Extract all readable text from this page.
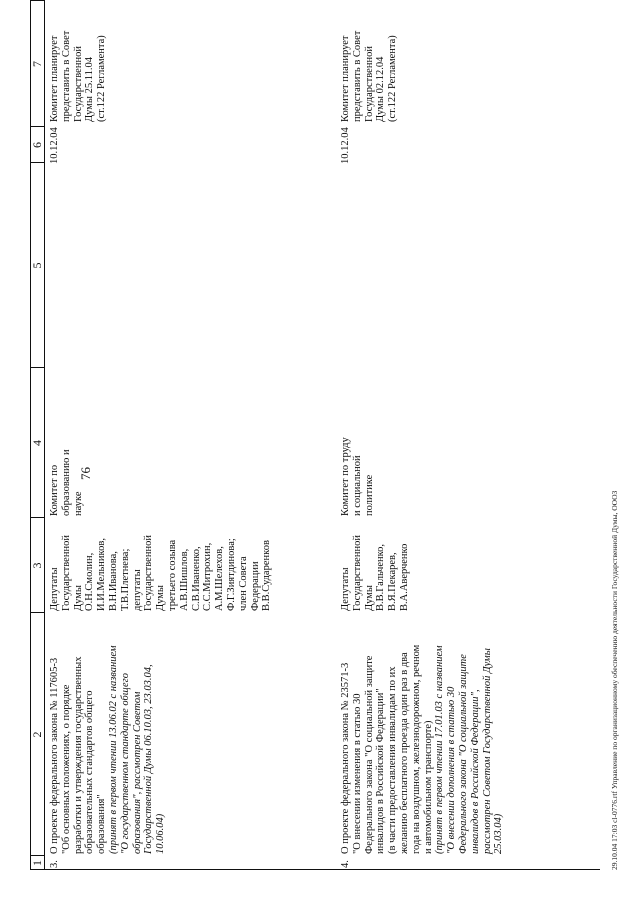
76
1
2
3
4
5
6
7
3.
О проекте федерального закона № 117605-3 "Об основных положениях, о порядке разработки и утверждения государственных образовательных стандартов общего образования" (принят в первом чтении 13.06.02 с названием "О государственном стандарте общего образования", рассмотрен Советом Государственной Думы 06.10.03, 23.03.04, 10.06.04)
Депутаты Государственной Думы О.Н.Смолин, И.И.Мельников, В.Н.Иванова, Т.В.Плетнева; депутаты Государственной Думы третьего созыва А.В.Шишлов, С.В.Иваненко, С.С.Митрохин, А.М.Шелехов, Ф.Г.Зиятдинова; член Совета Федерации В.В.Сударенков
Комитет по образованию и науке
10.12.04
Комитет планирует представить в Совет Государственной Думы 25.11.04 (ст.122 Регламента)
4.
О проекте федерального закона № 23571-3 "О внесении изменения в статью 30 Федерального закона "О социальной защите инвалидов в Российской Федерации" (в части предоставления инвалидам по их желанию бесплатного проезда один раз в два года на воздушном, железнодорожном, речном и автомобильном транспорте) (принят в первом чтении 17.01.03 с названием "О внесении дополнения в статью 30 Федерального закона "О социальной защите инвалидов в Российской Федерации", рассмотрен Советом Государственной Думы 25.03.04)
Депутаты Государственной Думы В.В.Гальченко, В.Я.Пекарев, В.А.Аверченко
Комитет по труду и социальной политике
10.12.04
Комитет планирует представить в Совет Государственной Думы 02.12.04 (ст.122 Регламента)
29.10.04 17:03 cl-0776.rtf Управление по организационному обеспечению деятельности Государственной Думы, ООО3
